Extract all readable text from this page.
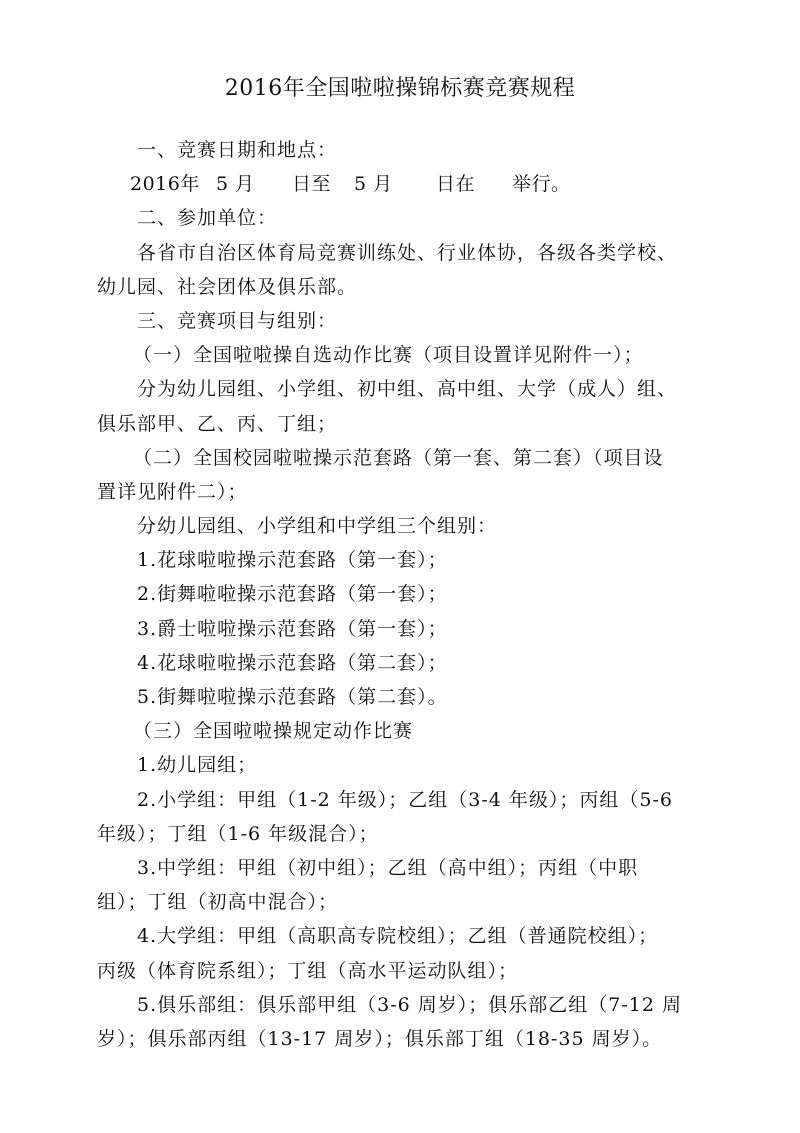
2016年全国啦啦操锦标赛竞赛规程
一、竞赛日期和地点：
2016年 5 月 日至 5 月 日在 举行。
二、参加单位：
各省市自治区体育局竞赛训练处、行业体协，各级各类学校、
幼儿园、社会团体及俱乐部。
三、竞赛项目与组别：
（一）全国啦啦操自选动作比赛（项目设置详见附件一）；
分为幼儿园组、小学组、初中组、高中组、大学（成人）组、
俱乐部甲、乙、丙、丁组；
（二）全国校园啦啦操示范套路（第一套、第二套）（项目设
置详见附件二）；
分幼儿园组、小学组和中学组三个组别：
1.花球啦啦操示范套路（第一套）；
2.街舞啦啦操示范套路（第一套）；
3.爵士啦啦操示范套路（第一套）；
4.花球啦啦操示范套路（第二套）；
5.街舞啦啦操示范套路（第二套）。
（三）全国啦啦操规定动作比赛
1.幼儿园组；
2.小学组：甲组（1-2 年级）；乙组（3-4 年级）；丙组（5-6
年级）；丁组（1-6 年级混合）；
3.中学组：甲组（初中组）；乙组（高中组）；丙组（中职
组）；丁组（初高中混合）；
4.大学组：甲组（高职高专院校组）；乙组（普通院校组）；
丙级（体育院系组）；丁组（高水平运动队组）；
5.俱乐部组：俱乐部甲组（3-6 周岁）；俱乐部乙组（7-12 周
岁）；俱乐部丙组（13-17 周岁）；俱乐部丁组（18-35 周岁）。
